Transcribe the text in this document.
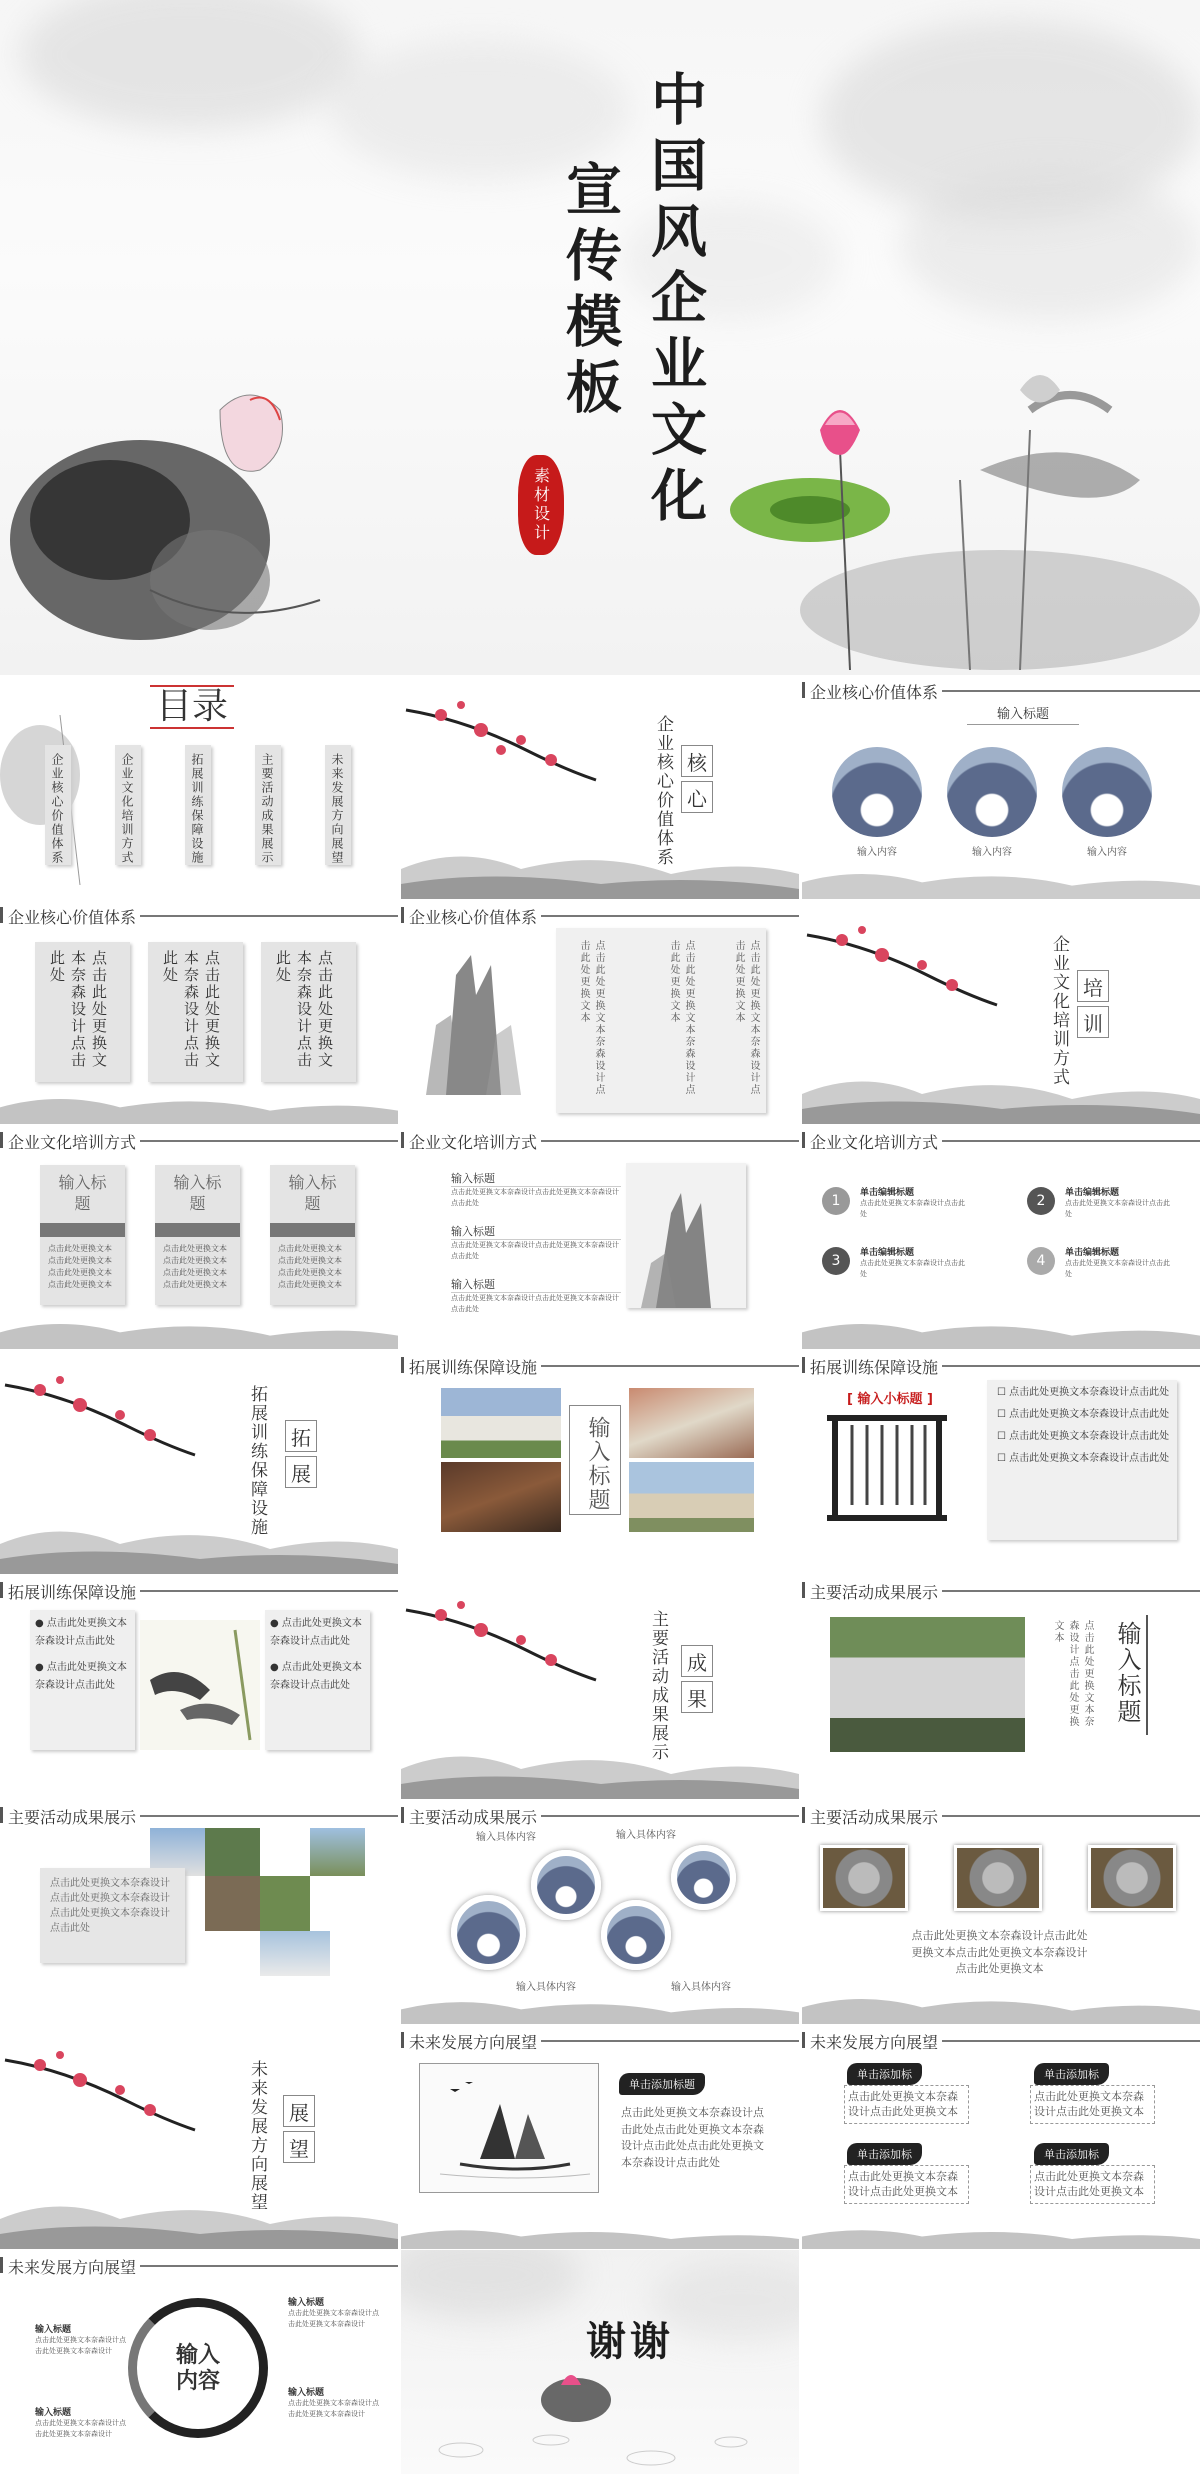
中国风企业文化
宣传模板
素材设计
目录
企业核心价值体系	企业文化培训方式	拓展训练保障设施	主要活动成果展示	未来发展方向展望	企业核心价值体系 核
心
企业核心价值体系
输入标题
输入内容	输入内容	输入内容
企业核心价值体系
点击此处更换文本奈森设计点击此处	点击此处更换文本奈森设计点击此处	点击此处更换文本奈森设计点击此处
企业核心价值体系
点击此处更换文本奈森设计点击此处更换文本
点击此处更换文本奈森设计点击此处更换文本
点击此处更换文本奈森设计点击此处更换文本	企业文化培训方式 培
训
企业文化培训方式
输入标题
点击此处更换文本点击此处更换文本点击此处更换文本点击此处更换文本
输入标题
点击此处更换文本点击此处更换文本点击此处更换文本点击此处更换文本
输入标题
点击此处更换文本点击此处更换文本点击此处更换文本点击此处更换文本
企业文化培训方式
输入标题
点击此处更换文本奈森设计点击此处更换文本奈森设计点击此处
输入标题
点击此处更换文本奈森设计点击此处更换文本奈森设计点击此处
输入标题
点击此处更换文本奈森设计点击此处更换文本奈森设计点击此处
企业文化培训方式
1	单击编辑标题
点击此处更换文本奈森设计点击此处
2	单击编辑标题
点击此处更换文本奈森设计点击此处
3	单击编辑标题
点击此处更换文本奈森设计点击此处
4	单击编辑标题
点击此处更换文本奈森设计点击此处
拓展训练保障设施	拓
展
拓展训练保障设施
输入标题
拓展训练保障设施
[ 输入小标题 ]	☐ 点击此处更换文本奈森设计点击此处
☐ 点击此处更换文本奈森设计点击此处
☐ 点击此处更换文本奈森设计点击此处
☐ 点击此处更换文本奈森设计点击此处
拓展训练保障设施
● 点击此处更换文本奈森设计点击此处
● 点击此处更换文本奈森设计点击此处
● 点击此处更换文本奈森设计点击此处
● 点击此处更换文本奈森设计点击此处	主要活动成果展示 成
果
主要活动成果展示
点击此处更换文本奈森设计点击此处更换文本	输入标题
主要活动成果展示
点击此处更换文本奈森设计点击此处更换文本奈森设计点击此处更换文本奈森设计点击此处
主要活动成果展示
输入具体内容	输入具体内容
输入具体内容	输入具体内容
主要活动成果展示
点击此处更换文本奈森设计点击此处更换文本点击此处更换文本奈森设计点击此处更换文本
未来发展方向展望	展
望
未来发展方向展望
单击添加标题
点击此处更换文本奈森设计点击此处点击此处更换文本奈森设计点击此处点击此处更换文本奈森设计点击此处
未来发展方向展望
单击添加标
点击此处更换文本奈森设计点击此处更换文本
单击添加标
点击此处更换文本奈森设计点击此处更换文本
单击添加标
点击此处更换文本奈森设计点击此处更换文本
单击添加标
点击此处更换文本奈森设计点击此处更换文本
未来发展方向展望
输入
内容
输入标题
点击此处更换文本奈森设计点击此处更换文本奈森设计
输入标题
点击此处更换文本奈森设计点击此处更换文本奈森设计
输入标题
点击此处更换文本奈森设计点击此处更换文本奈森设计
输入标题
点击此处更换文本奈森设计点击此处更换文本奈森设计
谢谢
